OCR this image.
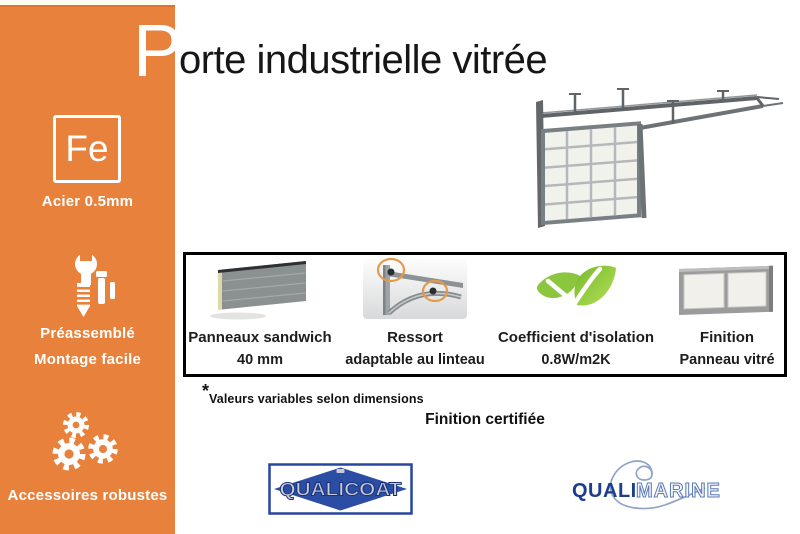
Fe
Acier 0.5mm
Préassemblé
Montage facile
Accessoires robustes
P
orte industrielle vitrée
Panneaux sandwich
40 mm
Ressort
adaptable au linteau
Coefficient d'isolation
0.8W/m2K
Finition
Panneau vitré
*Valeurs variables selon dimensions
Finition certifiée
QUALICOAT	QUALI MARINE
